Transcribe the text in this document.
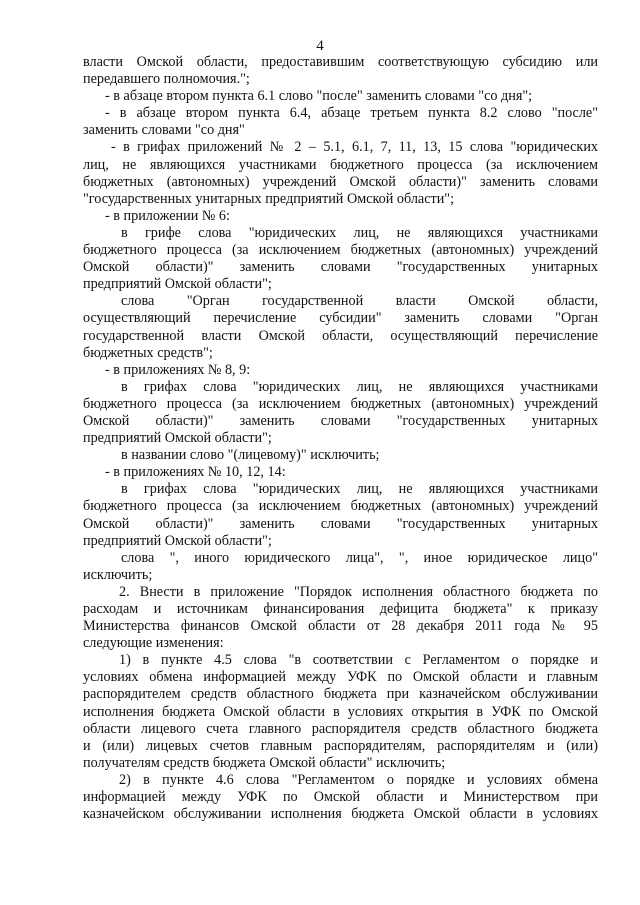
4
власти Омской области, предоставившим соответствующую субсидию или
передавшего полномочия.";
- в абзаце втором пункта 6.1 слово "после" заменить словами "со дня";
- в абзаце втором пункта 6.4, абзаце третьем пункта 8.2 слово "после"
заменить словами "со дня"
- в грифах приложений № 2 – 5.1, 6.1, 7, 11, 13, 15 слова "юридических
лиц, не являющихся участниками бюджетного процесса (за исключением
бюджетных (автономных) учреждений Омской области)" заменить словами
"государственных унитарных предприятий Омской области";
- в приложении № 6:
в грифе слова "юридических лиц, не являющихся участниками
бюджетного процесса (за исключением бюджетных (автономных) учреждений
Омской области)" заменить словами "государственных унитарных
предприятий Омской области";
слова "Орган государственной власти Омской области,
осуществляющий перечисление субсидии" заменить словами "Орган
государственной власти Омской области, осуществляющий перечисление
бюджетных средств";
- в приложениях № 8, 9:
в грифах слова "юридических лиц, не являющихся участниками
бюджетного процесса (за исключением бюджетных (автономных) учреждений
Омской области)" заменить словами "государственных унитарных
предприятий Омской области";
в названии слово "(лицевому)" исключить;
- в приложениях № 10, 12, 14:
в грифах слова "юридических лиц, не являющихся участниками
бюджетного процесса (за исключением бюджетных (автономных) учреждений
Омской области)" заменить словами "государственных унитарных
предприятий Омской области";
слова ", иного юридического лица", ", иное юридическое лицо"
исключить;
2. Внести в приложение "Порядок исполнения областного бюджета по
расходам и источникам финансирования дефицита бюджета" к приказу
Министерства финансов Омской области от 28 декабря 2011 года № 95
следующие изменения:
1) в пункте 4.5 слова "в соответствии с Регламентом о порядке и
условиях обмена информацией между УФК по Омской области и главным
распорядителем средств областного бюджета при казначейском обслуживании
исполнения бюджета Омской области в условиях открытия в УФК по Омской
области лицевого счета главного распорядителя средств областного бюджета
и (или) лицевых счетов главным распорядителям, распорядителям и (или)
получателям средств бюджета Омской области" исключить;
2) в пункте 4.6 слова "Регламентом о порядке и условиях обмена
информацией между УФК по Омской области и Министерством при
казначейском обслуживании исполнения бюджета Омской области в условиях
